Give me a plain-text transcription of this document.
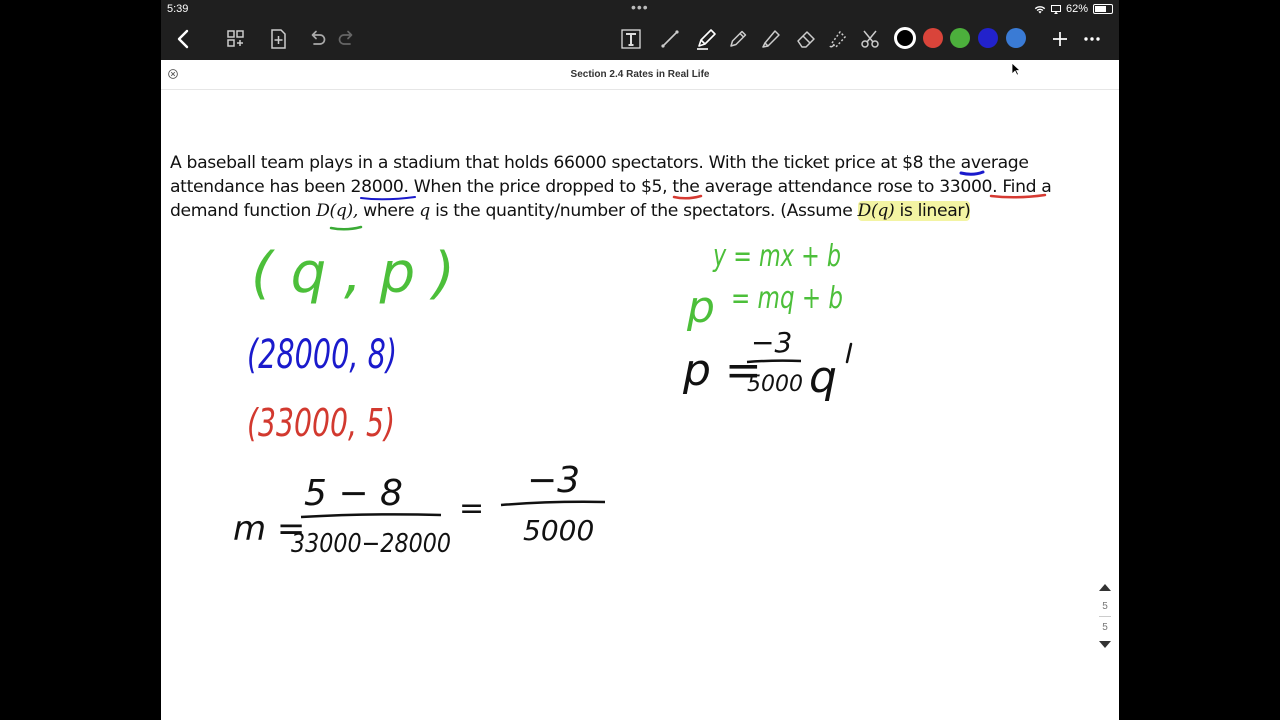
5:39	•••	62%
Section 2.4 Rates in Real Life
( q , p )
(28000, 8)
(33000, 5)
m =
5 − 8
33000−28000
=
−3
5000
y = mx + b
p = mq + b
p =
−3
5000 q
A baseball team plays in a stadium that holds 66000 spectators. With the ticket price at $8 the average
attendance has been 28000. When the price dropped to $5, the average attendance rose to 33000. Find a
demand function D(q), where q is the quantity/number of the spectators. (Assume D(q) is linear)
5
5
